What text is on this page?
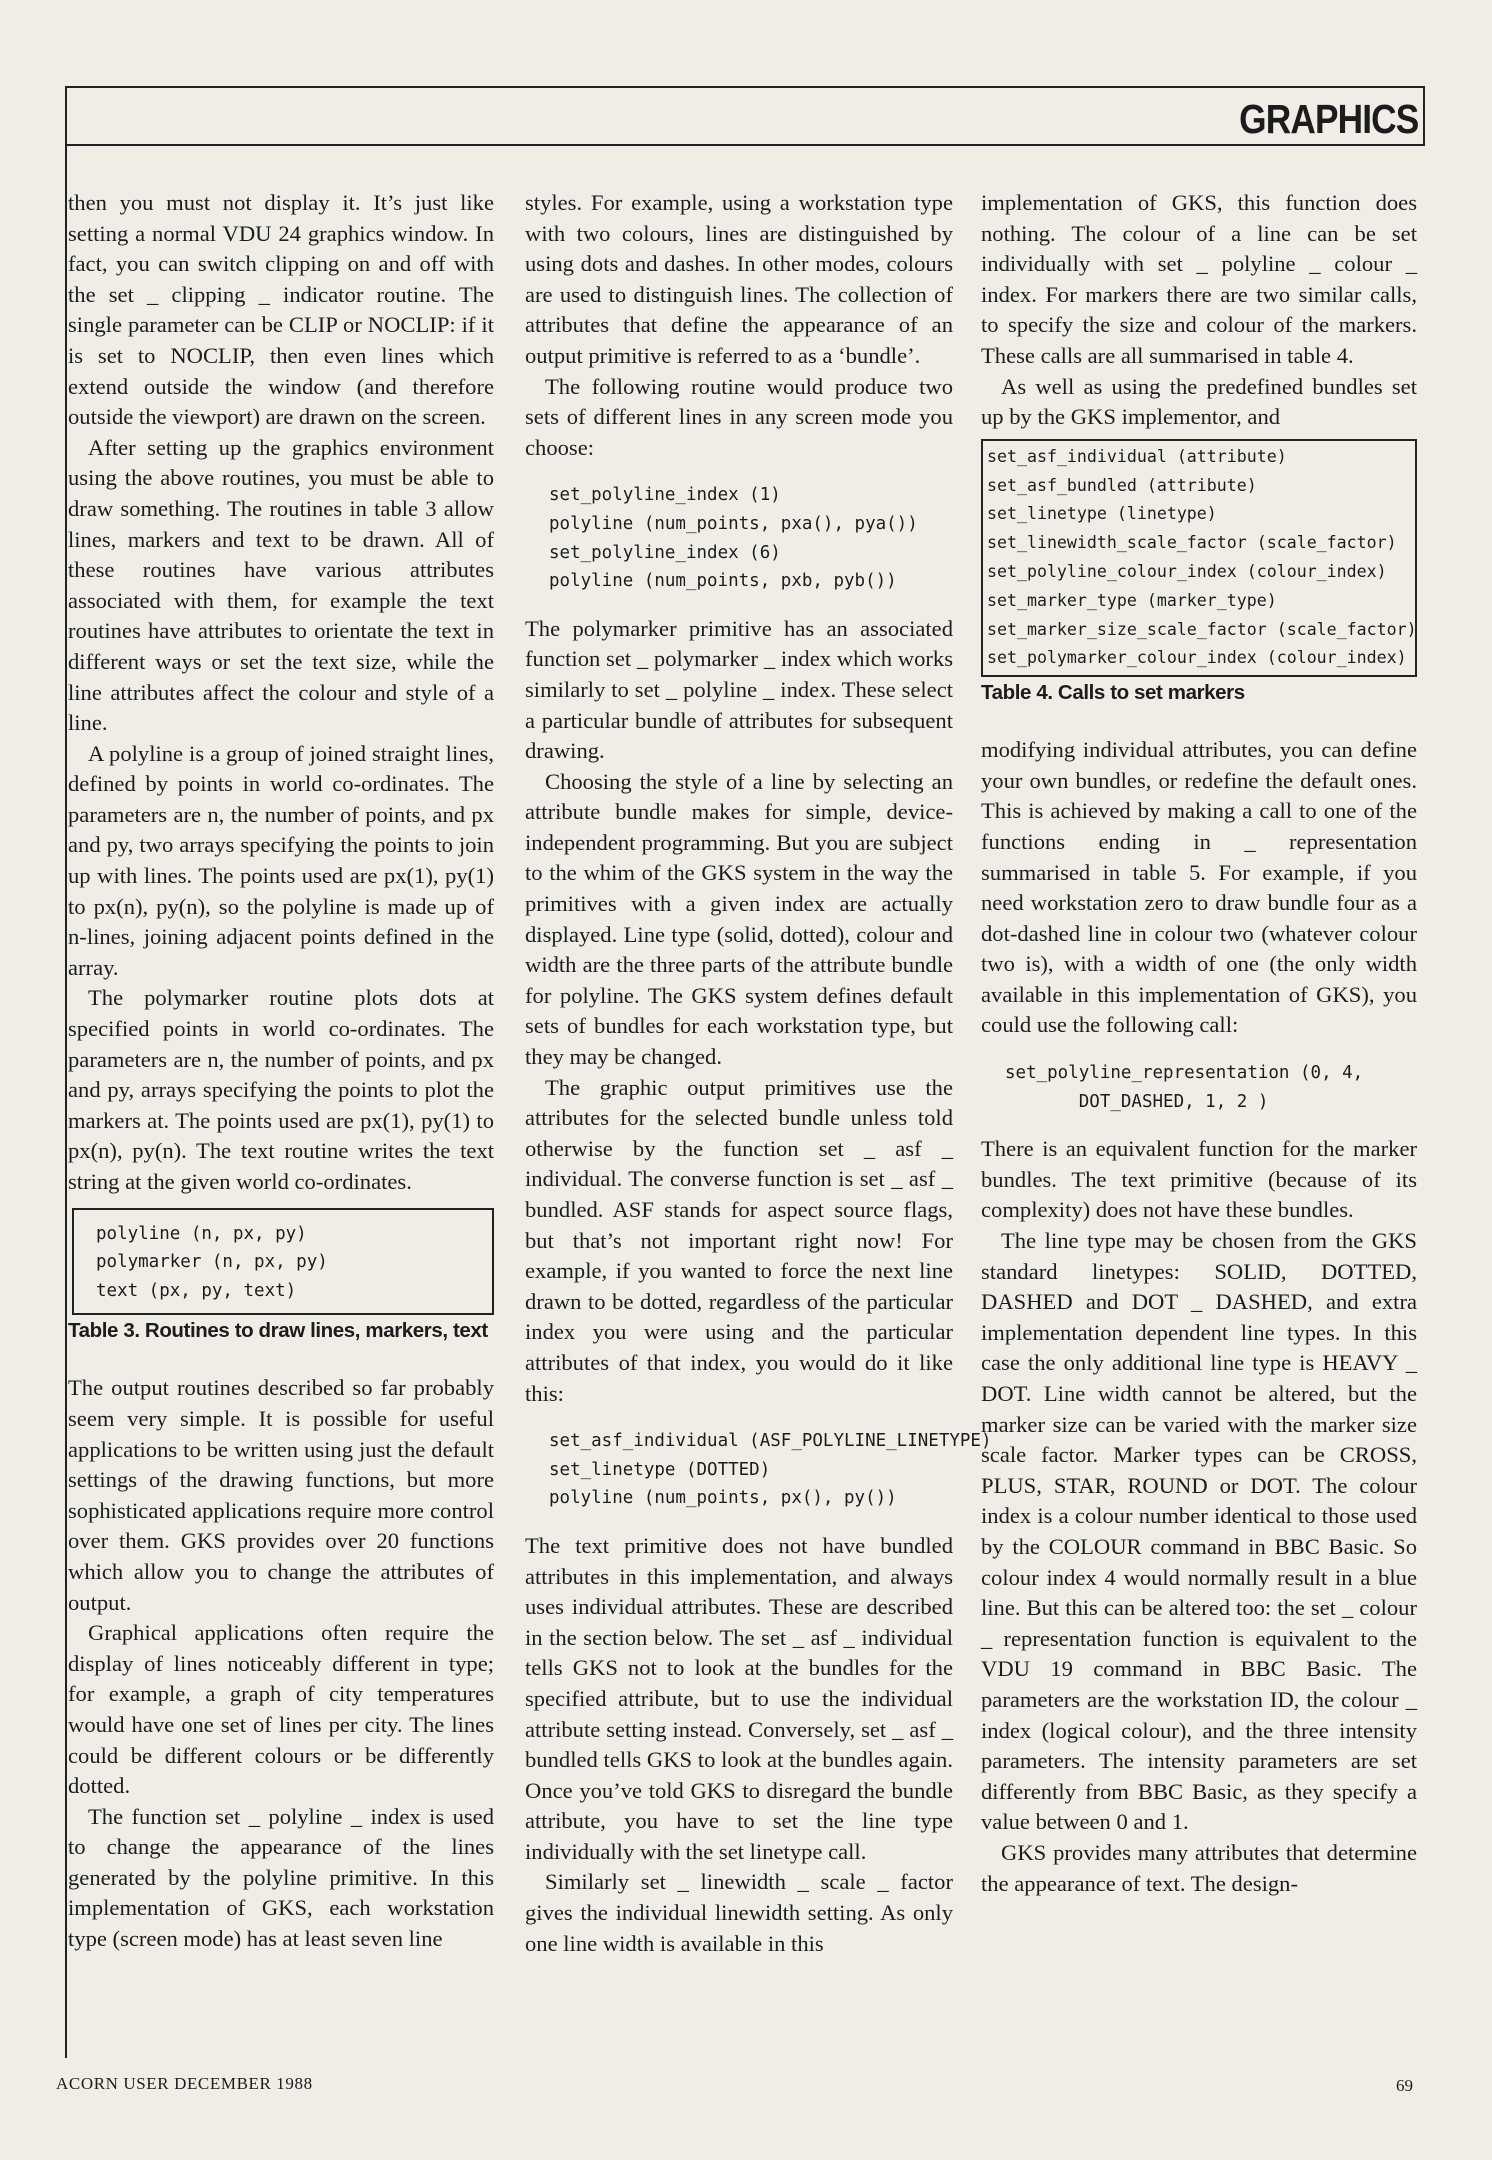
GRAPHICS

then you must not display it. It’s just like setting a normal VDU 24 graphics window. In fact, you can switch clipping on and off with the set _ clipping _ indicator routine. The single parameter can be CLIP or NOCLIP: if it is set to NOCLIP, then even lines which extend outside the window (and therefore outside the viewport) are drawn on the screen.

After setting up the graphics environment using the above routines, you must be able to draw something. The routines in table 3 allow lines, markers and text to be drawn. All of these routines have various attributes associated with them, for example the text routines have attributes to orientate the text in different ways or set the text size, while the line attributes affect the colour and style of a line.

A polyline is a group of joined straight lines, defined by points in world co-ordinates. The parameters are n, the number of points, and px and py, two arrays specifying the points to join up with lines. The points used are px(1), py(1) to px(n), py(n), so the polyline is made up of n-lines, joining adjacent points defined in the array.

The polymarker routine plots dots at specified points in world co-ordinates. The parameters are n, the number of points, and px and py, arrays specifying the points to plot the markers at. The points used are px(1), py(1) to px(n), py(n). The text routine writes the text string at the given world co-ordinates.

polyline (n, px, py)
polymarker (n, px, py)
text (px, py, text)
Table 3. Routines to draw lines, markers, text

The output routines described so far probably seem very simple. It is possible for useful applications to be written using just the default settings of the drawing functions, but more sophisticated applications require more control over them. GKS provides over 20 functions which allow you to change the attributes of output.

Graphical applications often require the display of lines noticeably different in type; for example, a graph of city temperatures would have one set of lines per city. The lines could be different colours or be differently dotted.

The function set _ polyline _ index is used to change the appearance of the lines generated by the polyline primitive. In this implementation of GKS, each workstation type (screen mode) has at least seven line

styles. For example, using a workstation type with two colours, lines are distinguished by using dots and dashes. In other modes, colours are used to distinguish lines. The collection of attributes that define the appearance of an output primitive is referred to as a ‘bundle’.

The following routine would produce two sets of different lines in any screen mode you choose:

set_polyline_index (1)
polyline (num_points, pxa(), pya())
set_polyline_index (6)
polyline (num_points, pxb, pyb())

The polymarker primitive has an associated function set _ polymarker _ index which works similarly to set _ polyline _ index. These select a particular bundle of attributes for subsequent drawing.

Choosing the style of a line by selecting an attribute bundle makes for simple, device-independent programming. But you are subject to the whim of the GKS system in the way the primitives with a given index are actually displayed. Line type (solid, dotted), colour and width are the three parts of the attribute bundle for polyline. The GKS system defines default sets of bundles for each workstation type, but they may be changed.

The graphic output primitives use the attributes for the selected bundle unless told otherwise by the function set _ asf _ individual. The converse function is set _ asf _ bundled. ASF stands for aspect source flags, but that’s not important right now! For example, if you wanted to force the next line drawn to be dotted, regardless of the particular index you were using and the particular attributes of that index, you would do it like this:

set_asf_individual (ASF_POLYLINE_LINETYPE)
set_linetype (DOTTED)
polyline (num_points, px(), py())

The text primitive does not have bundled attributes in this implementation, and always uses individual attributes. These are described in the section below. The set _ asf _ individual tells GKS not to look at the bundles for the specified attribute, but to use the individual attribute setting instead. Conversely, set _ asf _ bundled tells GKS to look at the bundles again. Once you’ve told GKS to disregard the bundle attribute, you have to set the line type individually with the set linetype call.

Similarly set _ linewidth _ scale _ factor gives the individual linewidth setting. As only one line width is available in this

implementation of GKS, this function does nothing. The colour of a line can be set individually with set _ polyline _ colour _ index. For markers there are two similar calls, to specify the size and colour of the markers. These calls are all summarised in table 4.

As well as using the predefined bundles set up by the GKS implementor, and

set_asf_individual (attribute)
set_asf_bundled (attribute)
set_linetype (linetype)
set_linewidth_scale_factor (scale_factor)
set_polyline_colour_index (colour_index)
set_marker_type (marker_type)
set_marker_size_scale_factor (scale_factor)
set_polymarker_colour_index (colour_index)
Table 4. Calls to set markers

modifying individual attributes, you can define your own bundles, or redefine the default ones. This is achieved by making a call to one of the functions ending in _ representation summarised in table 5. For example, if you need workstation zero to draw bundle four as a dot-dashed line in colour two (whatever colour two is), with a width of one (the only width available in this implementation of GKS), you could use the following call:

set_polyline_representation (0, 4,
DOT_DASHED, 1, 2 )

There is an equivalent function for the marker bundles. The text primitive (because of its complexity) does not have these bundles.

The line type may be chosen from the GKS standard linetypes: SOLID, DOTTED, DASHED and DOT _ DASHED, and extra implementation dependent line types. In this case the only additional line type is HEAVY _ DOT. Line width cannot be altered, but the marker size can be varied with the marker size scale factor. Marker types can be CROSS, PLUS, STAR, ROUND or DOT. The colour index is a colour number identical to those used by the COLOUR command in BBC Basic. So colour index 4 would normally result in a blue line. But this can be altered too: the set _ colour _ representation function is equivalent to the VDU 19 command in BBC Basic. The parameters are the workstation ID, the colour _ index (logical colour), and the three intensity parameters. The intensity parameters are set differently from BBC Basic, as they specify a value between 0 and 1.

GKS provides many attributes that determine the appearance of text. The design-

ACORN USER DECEMBER 1988	69
